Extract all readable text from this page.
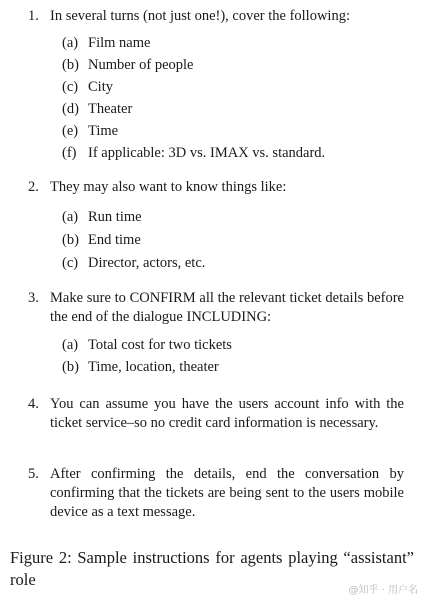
1. In several turns (not just one!), cover the following:
(a) Film name
(b) Number of people
(c) City
(d) Theater
(e) Time
(f) If applicable: 3D vs. IMAX vs. standard.
2. They may also want to know things like:
(a) Run time
(b) End time
(c) Director, actors, etc.
3. Make sure to CONFIRM all the relevant ticket details before the end of the dialogue INCLUDING:
(a) Total cost for two tickets
(b) Time, location, theater
4. You can assume you have the users account info with the ticket service–so no credit card information is necessary.
5. After confirming the details, end the conversation by confirming that the tickets are being sent to the users mobile device as a text message.
Figure 2: Sample instructions for agents playing “assistant” role
@知乎 · 用户名
